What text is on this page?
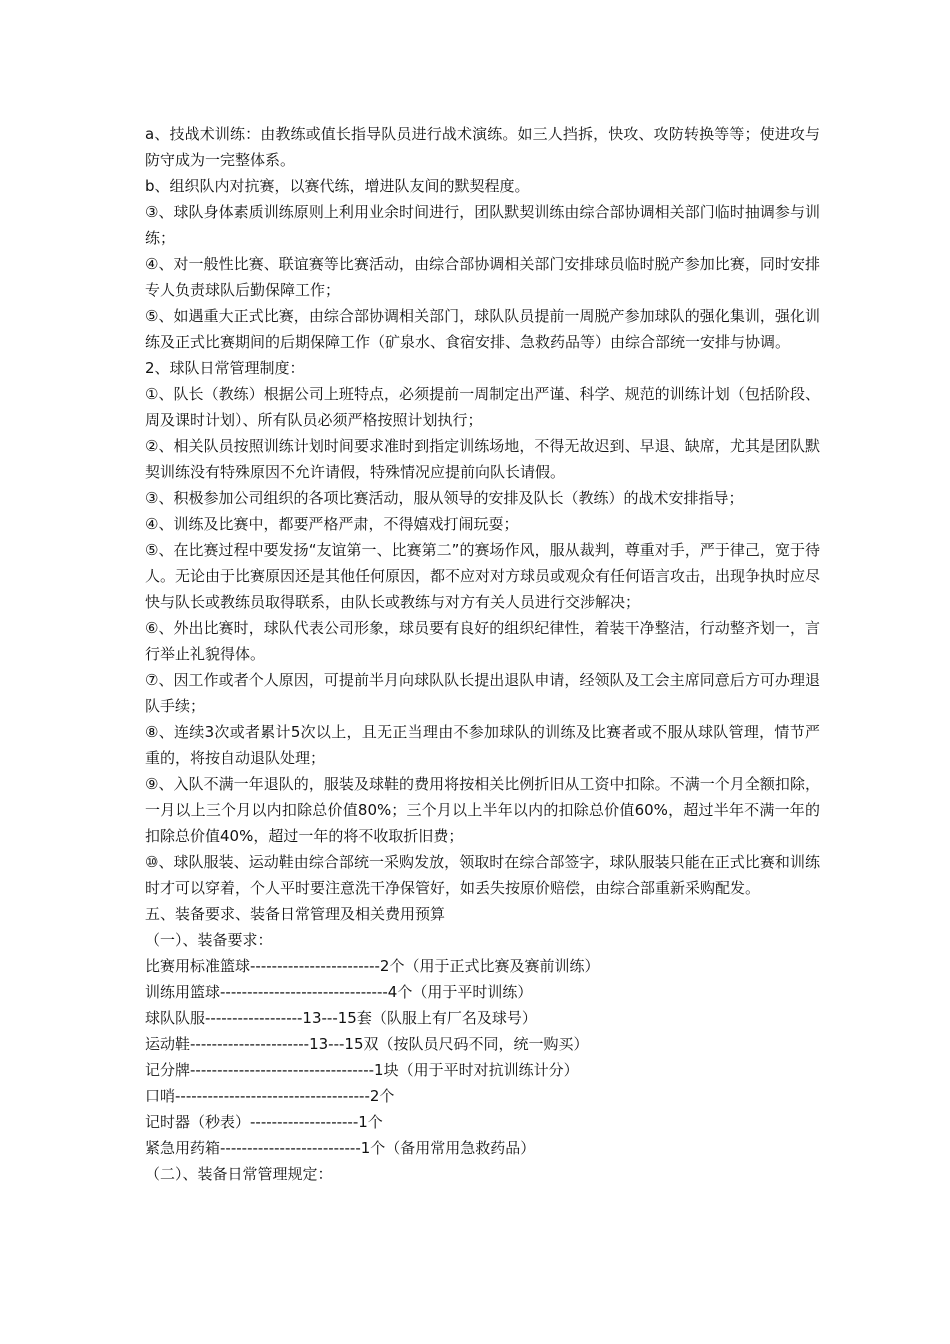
a、技战术训练：由教练或值长指导队员进行战术演练。如三人挡拆，快攻、攻防转换等等；使进攻与防守成为一完整体系。

b、组织队内对抗赛，以赛代练，增进队友间的默契程度。

③、球队身体素质训练原则上利用业余时间进行，团队默契训练由综合部协调相关部门临时抽调参与训练；

④、对一般性比赛、联谊赛等比赛活动，由综合部协调相关部门安排球员临时脱产参加比赛，同时安排专人负责球队后勤保障工作；

⑤、如遇重大正式比赛，由综合部协调相关部门，球队队员提前一周脱产参加球队的强化集训，强化训练及正式比赛期间的后期保障工作（矿泉水、食宿安排、急救药品等）由综合部统一安排与协调。

2、球队日常管理制度：

①、队长（教练）根据公司上班特点，必须提前一周制定出严谨、科学、规范的训练计划（包括阶段、周及课时计划）、所有队员必须严格按照计划执行；

②、相关队员按照训练计划时间要求准时到指定训练场地，不得无故迟到、早退、缺席，尤其是团队默契训练没有特殊原因不允许请假，特殊情况应提前向队长请假。

③、积极参加公司组织的各项比赛活动，服从领导的安排及队长（教练）的战术安排指导；

④、训练及比赛中，都要严格严肃，不得嬉戏打闹玩耍；

⑤、在比赛过程中要发扬“友谊第一、比赛第二”的赛场作风，服从裁判，尊重对手，严于律己，宽于待人。无论由于比赛原因还是其他任何原因，都不应对对方球员或观众有任何语言攻击，出现争执时应尽快与队长或教练员取得联系，由队长或教练与对方有关人员进行交涉解决；

⑥、外出比赛时，球队代表公司形象，球员要有良好的组织纪律性，着装干净整洁，行动整齐划一，言行举止礼貌得体。

⑦、因工作或者个人原因，可提前半月向球队队长提出退队申请，经领队及工会主席同意后方可办理退队手续；

⑧、连续3次或者累计5次以上，且无正当理由不参加球队的训练及比赛者或不服从球队管理，情节严重的，将按自动退队处理；

⑨、入队不满一年退队的，服装及球鞋的费用将按相关比例折旧从工资中扣除。不满一个月全额扣除，一月以上三个月以内扣除总价值80%；三个月以上半年以内的扣除总价值60%，超过半年不满一年的扣除总价值40%，超过一年的将不收取折旧费；

⑩、球队服装、运动鞋由综合部统一采购发放，领取时在综合部签字，球队服装只能在正式比赛和训练时才可以穿着，个人平时要注意洗干净保管好，如丢失按原价赔偿，由综合部重新采购配发。

五、装备要求、装备日常管理及相关费用预算

（一）、装备要求：

比赛用标准篮球------------------------2个（用于正式比赛及赛前训练）

训练用篮球-------------------------------4个（用于平时训练）

球队队服------------------13---15套（队服上有厂名及球号）

运动鞋----------------------13---15双（按队员尺码不同，统一购买）

记分牌----------------------------------1块（用于平时对抗训练计分）

口哨------------------------------------2个

记时器（秒表）--------------------1个

紧急用药箱--------------------------1个（备用常用急救药品）

（二）、装备日常管理规定：
